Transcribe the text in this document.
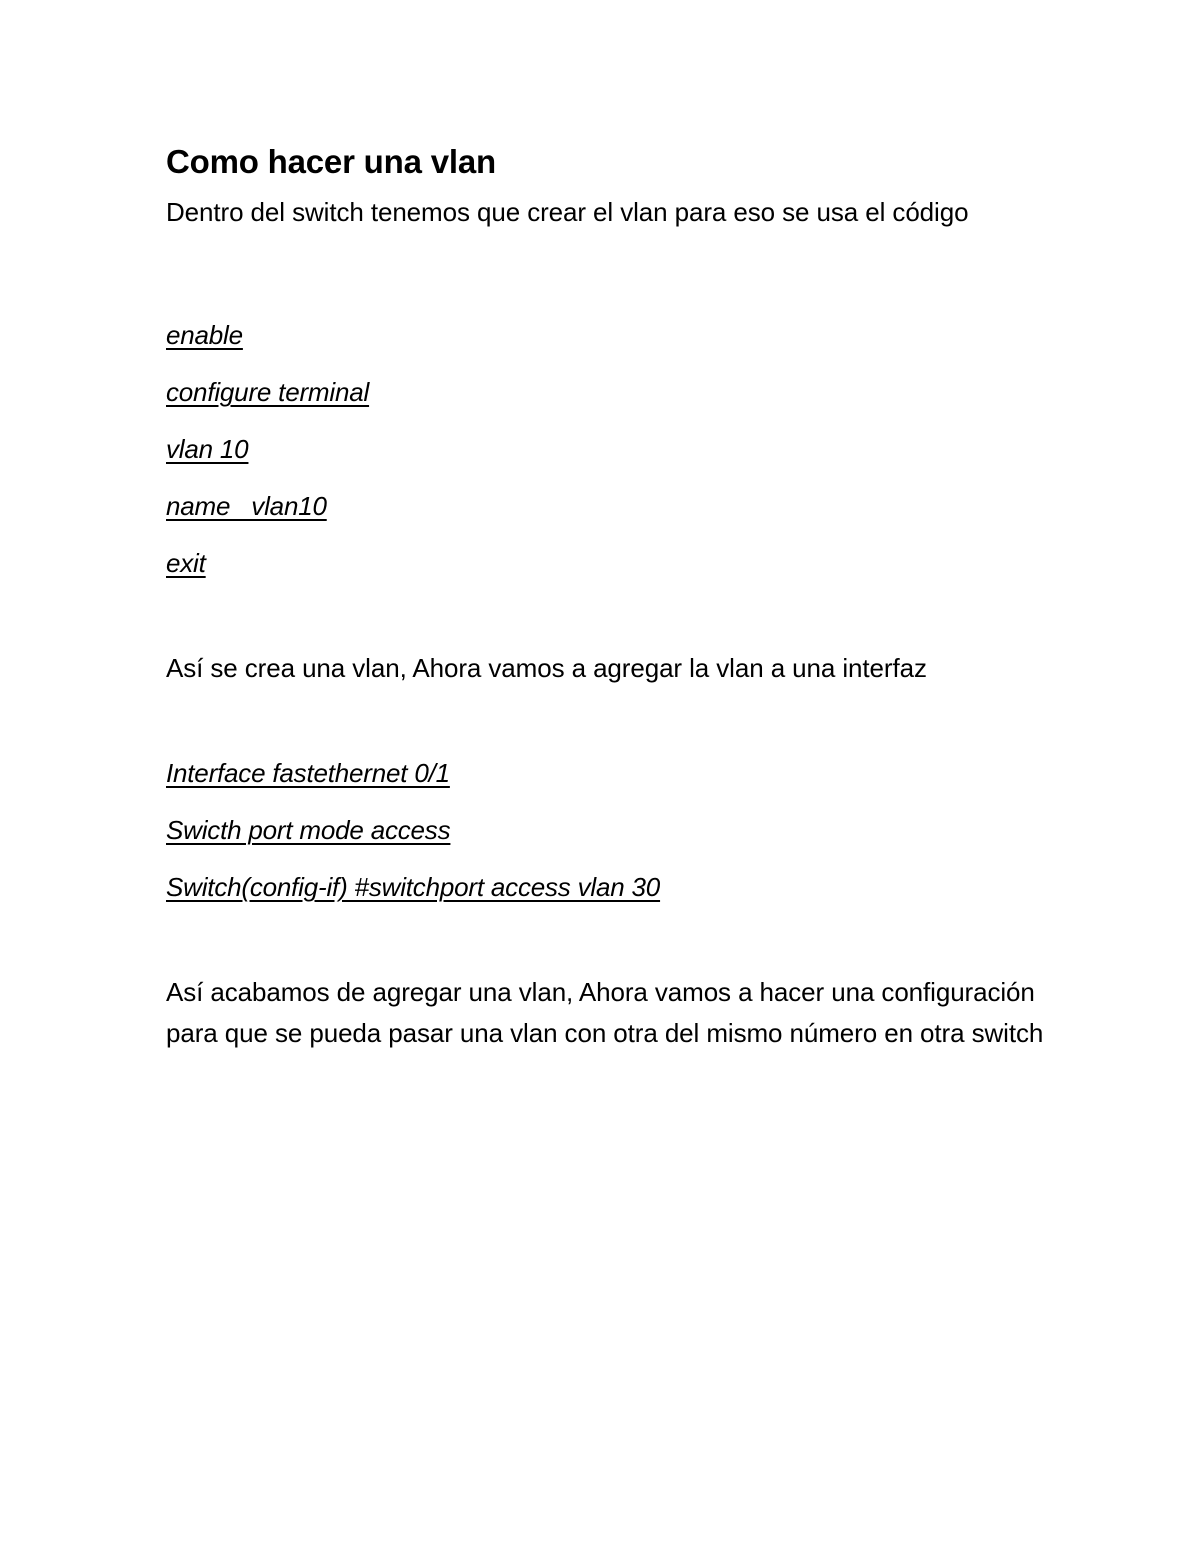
Como hacer una vlan

Dentro del switch tenemos que crear el vlan para eso se usa el código

enable
configure terminal
vlan 10
name   vlan10
exit

Así se crea una vlan, Ahora vamos a agregar la vlan a una interfaz

Interface fastethernet 0/1
Swicth port mode access
Switch(config-if) #switchport access vlan 30

Así acabamos de agregar una vlan, Ahora vamos a hacer una configuración para que se pueda pasar una vlan con otra del mismo número en otra switch
